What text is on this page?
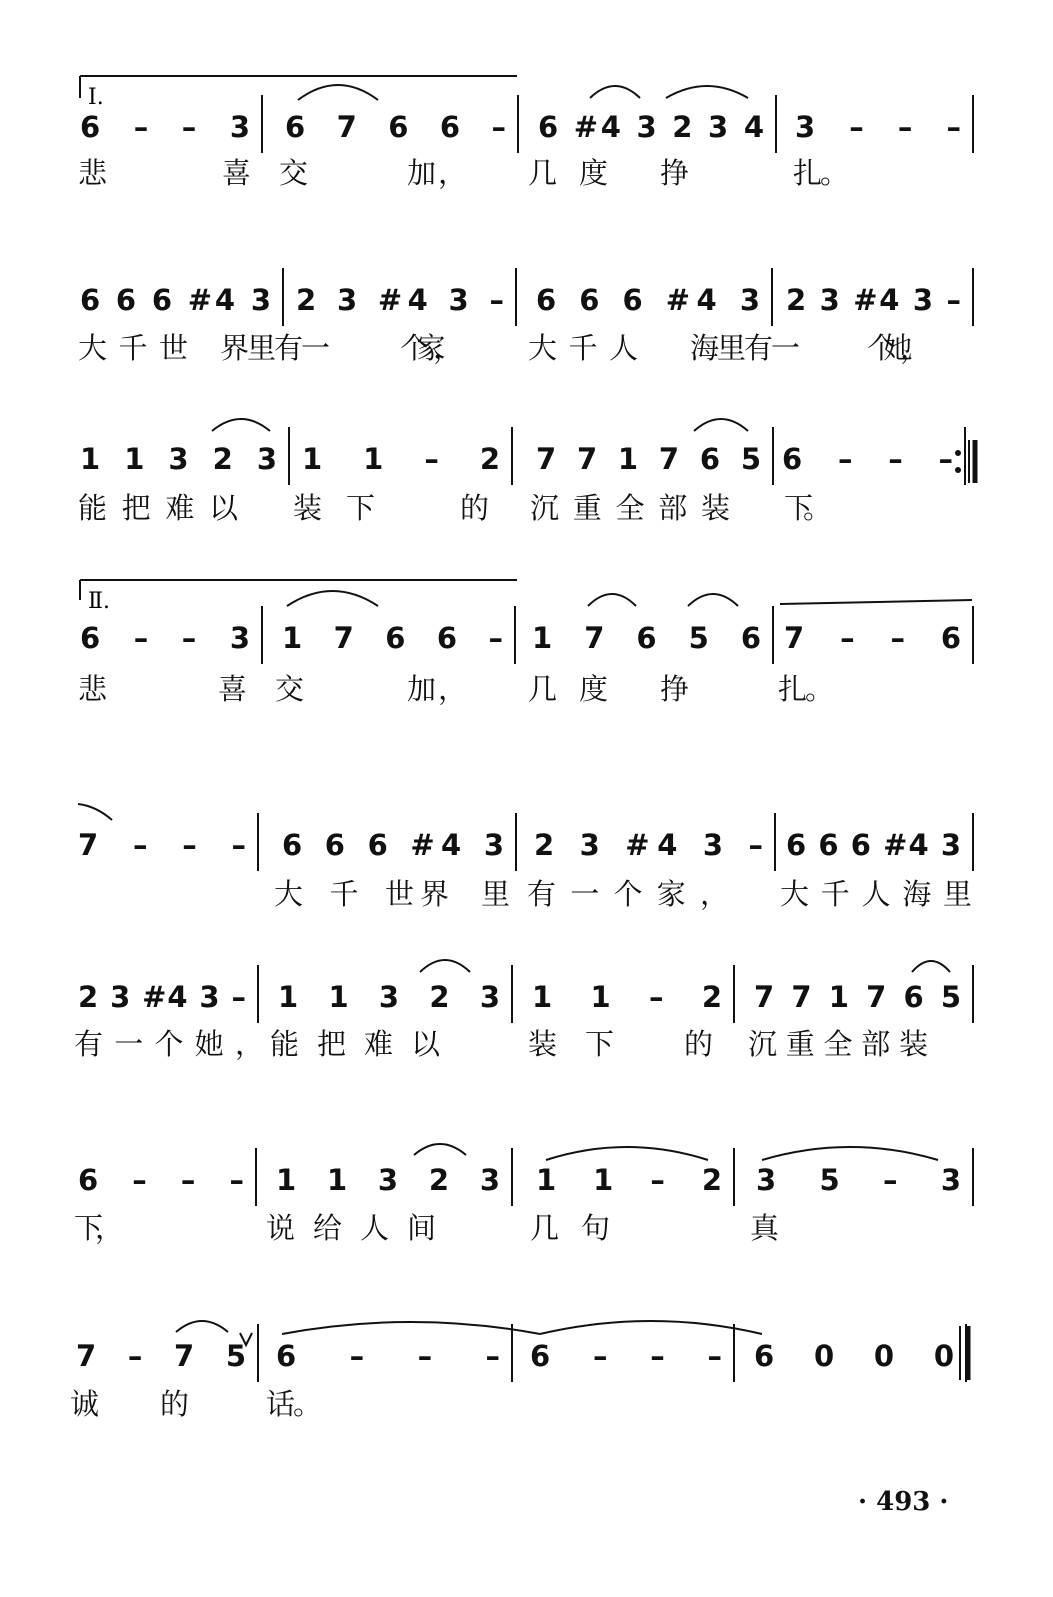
6 – – 3 6 7 6 6 – 6 #4 3 2 3 4 3 – – –
悲	喜交	加， 几度 挣	扎。
6 6 6 #4 3 2 3 #4 3 – 6 6 6 #4 3 2 3 #4 3 –
大千世 界里有一 个家， 大千人 海里有一 个她，
1 1 3 2 3 1 1 – 2 7 7 1 7 6 5 6 – – –
能把难以 装下	的 沉重全部装 下。
6 – – 3 1 7 6 6 – 1 7 6 5 6 7 – – 6
悲	喜交	加， 几度 挣	扎。
7 – – – 6 6 6 #4 3 2 3 #4 3 – 6 6 6 #4 3
大千世 界里 有一个家， 大千人海里
2 3 #4 3 – 1 1 3 2 3 1 1 – 2 7 7 1 7 6 5
有一个她， 能把难以	装下 的 沉重全部装
6 – – – 1 1 3 2 3 1 1 – 2 3 5 – 3
下，	说给人间	几句	真
7 – 7 5 6 – – – 6 – – – 6 0 0 0
诚 的	话。
Ⅰ.
Ⅱ.
· 493 ·
